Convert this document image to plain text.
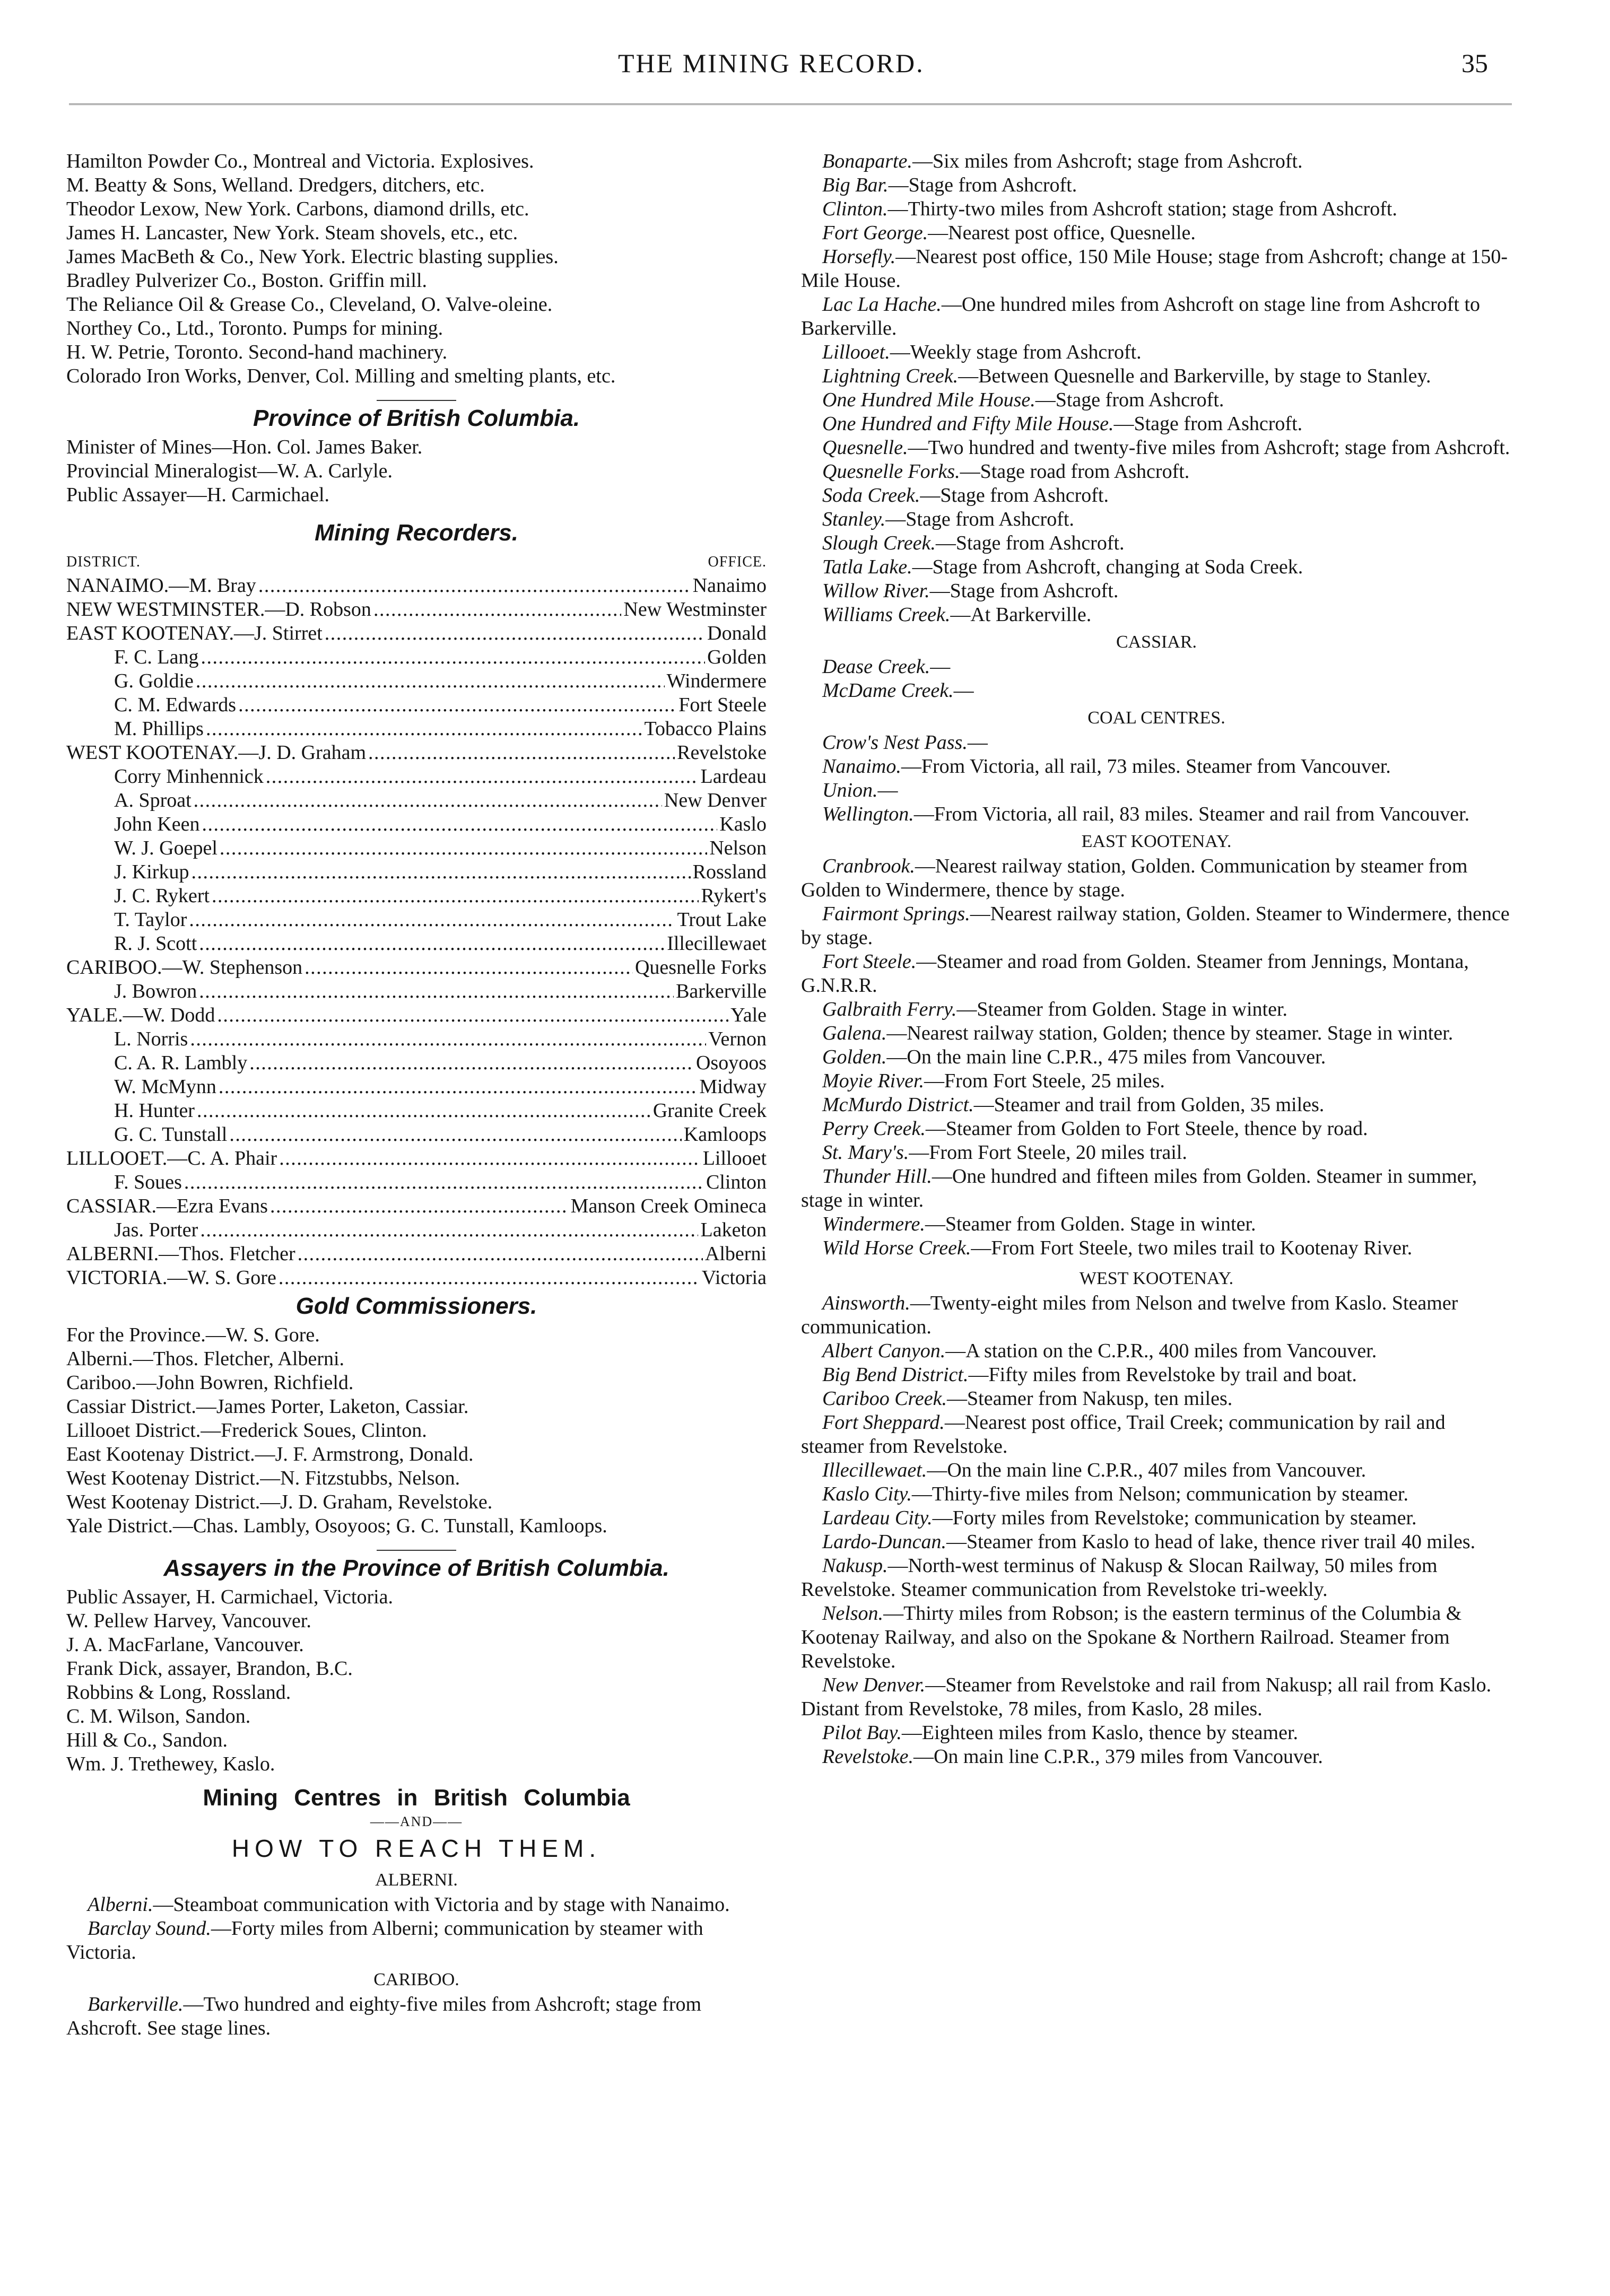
THE MINING RECORD.	35

Hamilton Powder Co., Montreal and Victoria. Explosives.

M. Beatty & Sons, Welland. Dredgers, ditchers, etc.

Theodor Lexow, New York. Carbons, diamond drills, etc.

James H. Lancaster, New York. Steam shovels, etc., etc.

James MacBeth & Co., New York. Electric blasting supplies.

Bradley Pulverizer Co., Boston. Griffin mill.

The Reliance Oil & Grease Co., Cleveland, O. Valve-oleine.

Northey Co., Ltd., Toronto. Pumps for mining.

H. W. Petrie, Toronto. Second-hand machinery.

Colorado Iron Works, Denver, Col. Milling and smelting plants, etc.

Province of British Columbia.

Minister of Mines—Hon. Col. James Baker.

Provincial Mineralogist—W. A. Carlyle.

Public Assayer—H. Carmichael.

Mining Recorders.
DISTRICT.	OFFICE.
NANAIMO.—M. Bray . . .	Nanaimo
NEW WESTMINSTER.—D. Robson . . .	New Westminster
EAST KOOTENAY.—J. Stirret . . .	Donald
F. C. Lang . . .	Golden
G. Goldie . . .	Windermere
C. M. Edwards . . .	Fort Steele
M. Phillips . . .	Tobacco Plains
WEST KOOTENAY.—J. D. Graham . . .	Revelstoke
Corry Minhennick . . .	Lardeau
A. Sproat . . .	New Denver
John Keen . . .	Kaslo
W. J. Goepel . . .	Nelson
J. Kirkup . . .	Rossland
J. C. Rykert . . .	Rykert's
T. Taylor . . .	Trout Lake
R. J. Scott . . .	Illecillewaet
CARIBOO.—W. Stephenson . . .	Quesnelle Forks
J. Bowron . . .	Barkerville
YALE.—W. Dodd . . .	Yale
L. Norris . . .	Vernon
C. A. R. Lambly . . .	Osoyoos
W. McMynn . . .	Midway
H. Hunter . . .	Granite Creek
G. C. Tunstall . . .	Kamloops
LILLOOET.—C. A. Phair . . .	Lillooet
F. Soues . . .	Clinton
CASSIAR.—Ezra Evans . . .	Manson Creek Omineca
Jas. Porter . . .	Laketon
ALBERNI.—Thos. Fletcher . . .	Alberni
VICTORIA.—W. S. Gore . . .	Victoria
Gold Commissioners.

For the Province.—W. S. Gore.

Alberni.—Thos. Fletcher, Alberni.

Cariboo.—John Bowren, Richfield.

Cassiar District.—James Porter, Laketon, Cassiar.

Lillooet District.—Frederick Soues, Clinton.

East Kootenay District.—J. F. Armstrong, Donald.

West Kootenay District.—N. Fitzstubbs, Nelson.

West Kootenay District.—J. D. Graham, Revelstoke.

Yale District.—Chas. Lambly, Osoyoos; G. C. Tunstall, Kamloops.

Assayers in the Province of British Columbia.

Public Assayer, H. Carmichael, Victoria.

W. Pellew Harvey, Vancouver.

J. A. MacFarlane, Vancouver.

Frank Dick, assayer, Brandon, B.C.

Robbins & Long, Rossland.

C. M. Wilson, Sandon.

Hill & Co., Sandon.

Wm. J. Trethewey, Kaslo.

Mining Centres in British Columbia
——AND——
HOW TO REACH THEM.
ALBERNI.

Alberni.—Steamboat communication with Victoria and by stage with Nanaimo.

Barclay Sound.—Forty miles from Alberni; communication by steamer with Victoria.

CARIBOO.

Barkerville.—Two hundred and eighty-five miles from Ashcroft; stage from Ashcroft. See stage lines.

Bonaparte.—Six miles from Ashcroft; stage from Ashcroft.

Big Bar.—Stage from Ashcroft.

Clinton.—Thirty-two miles from Ashcroft station; stage from Ashcroft.

Fort George.—Nearest post office, Quesnelle.

Horsefly.—Nearest post office, 150 Mile House; stage from Ashcroft; change at 150-Mile House.

Lac La Hache.—One hundred miles from Ashcroft on stage line from Ashcroft to Barkerville.

Lillooet.—Weekly stage from Ashcroft.

Lightning Creek.—Between Quesnelle and Barkerville, by stage to Stanley.

One Hundred Mile House.—Stage from Ashcroft.

One Hundred and Fifty Mile House.—Stage from Ashcroft.

Quesnelle.—Two hundred and twenty-five miles from Ashcroft; stage from Ashcroft.

Quesnelle Forks.—Stage road from Ashcroft.

Soda Creek.—Stage from Ashcroft.

Stanley.—Stage from Ashcroft.

Slough Creek.—Stage from Ashcroft.

Tatla Lake.—Stage from Ashcroft, changing at Soda Creek.

Willow River.—Stage from Ashcroft.

Williams Creek.—At Barkerville.

CASSIAR.

Dease Creek.—

McDame Creek.—

COAL CENTRES.

Crow's Nest Pass.—

Nanaimo.—From Victoria, all rail, 73 miles. Steamer from Vancouver.

Union.—

Wellington.—From Victoria, all rail, 83 miles. Steamer and rail from Vancouver.

EAST KOOTENAY.

Cranbrook.—Nearest railway station, Golden. Communication by steamer from Golden to Windermere, thence by stage.

Fairmont Springs.—Nearest railway station, Golden. Steamer to Windermere, thence by stage.

Fort Steele.—Steamer and road from Golden. Steamer from Jennings, Montana, G.N.R.R.

Galbraith Ferry.—Steamer from Golden. Stage in winter.

Galena.—Nearest railway station, Golden; thence by steamer. Stage in winter.

Golden.—On the main line C.P.R., 475 miles from Vancouver.

Moyie River.—From Fort Steele, 25 miles.

McMurdo District.—Steamer and trail from Golden, 35 miles.

Perry Creek.—Steamer from Golden to Fort Steele, thence by road.

St. Mary's.—From Fort Steele, 20 miles trail.

Thunder Hill.—One hundred and fifteen miles from Golden. Steamer in summer, stage in winter.

Windermere.—Steamer from Golden. Stage in winter.

Wild Horse Creek.—From Fort Steele, two miles trail to Kootenay River.

WEST KOOTENAY.

Ainsworth.—Twenty-eight miles from Nelson and twelve from Kaslo. Steamer communication.

Albert Canyon.—A station on the C.P.R., 400 miles from Vancouver.

Big Bend District.—Fifty miles from Revelstoke by trail and boat.

Cariboo Creek.—Steamer from Nakusp, ten miles.

Fort Sheppard.—Nearest post office, Trail Creek; communication by rail and steamer from Revelstoke.

Illecillewaet.—On the main line C.P.R., 407 miles from Vancouver.

Kaslo City.—Thirty-five miles from Nelson; communication by steamer.

Lardeau City.—Forty miles from Revelstoke; communication by steamer.

Lardo-Duncan.—Steamer from Kaslo to head of lake, thence river trail 40 miles.

Nakusp.—North-west terminus of Nakusp & Slocan Railway, 50 miles from Revelstoke. Steamer communication from Revelstoke tri-weekly.

Nelson.—Thirty miles from Robson; is the eastern terminus of the Columbia & Kootenay Railway, and also on the Spokane & Northern Railroad. Steamer from Revelstoke.

New Denver.—Steamer from Revelstoke and rail from Nakusp; all rail from Kaslo. Distant from Revelstoke, 78 miles, from Kaslo, 28 miles.

Pilot Bay.—Eighteen miles from Kaslo, thence by steamer.

Revelstoke.—On main line C.P.R., 379 miles from Vancouver.
